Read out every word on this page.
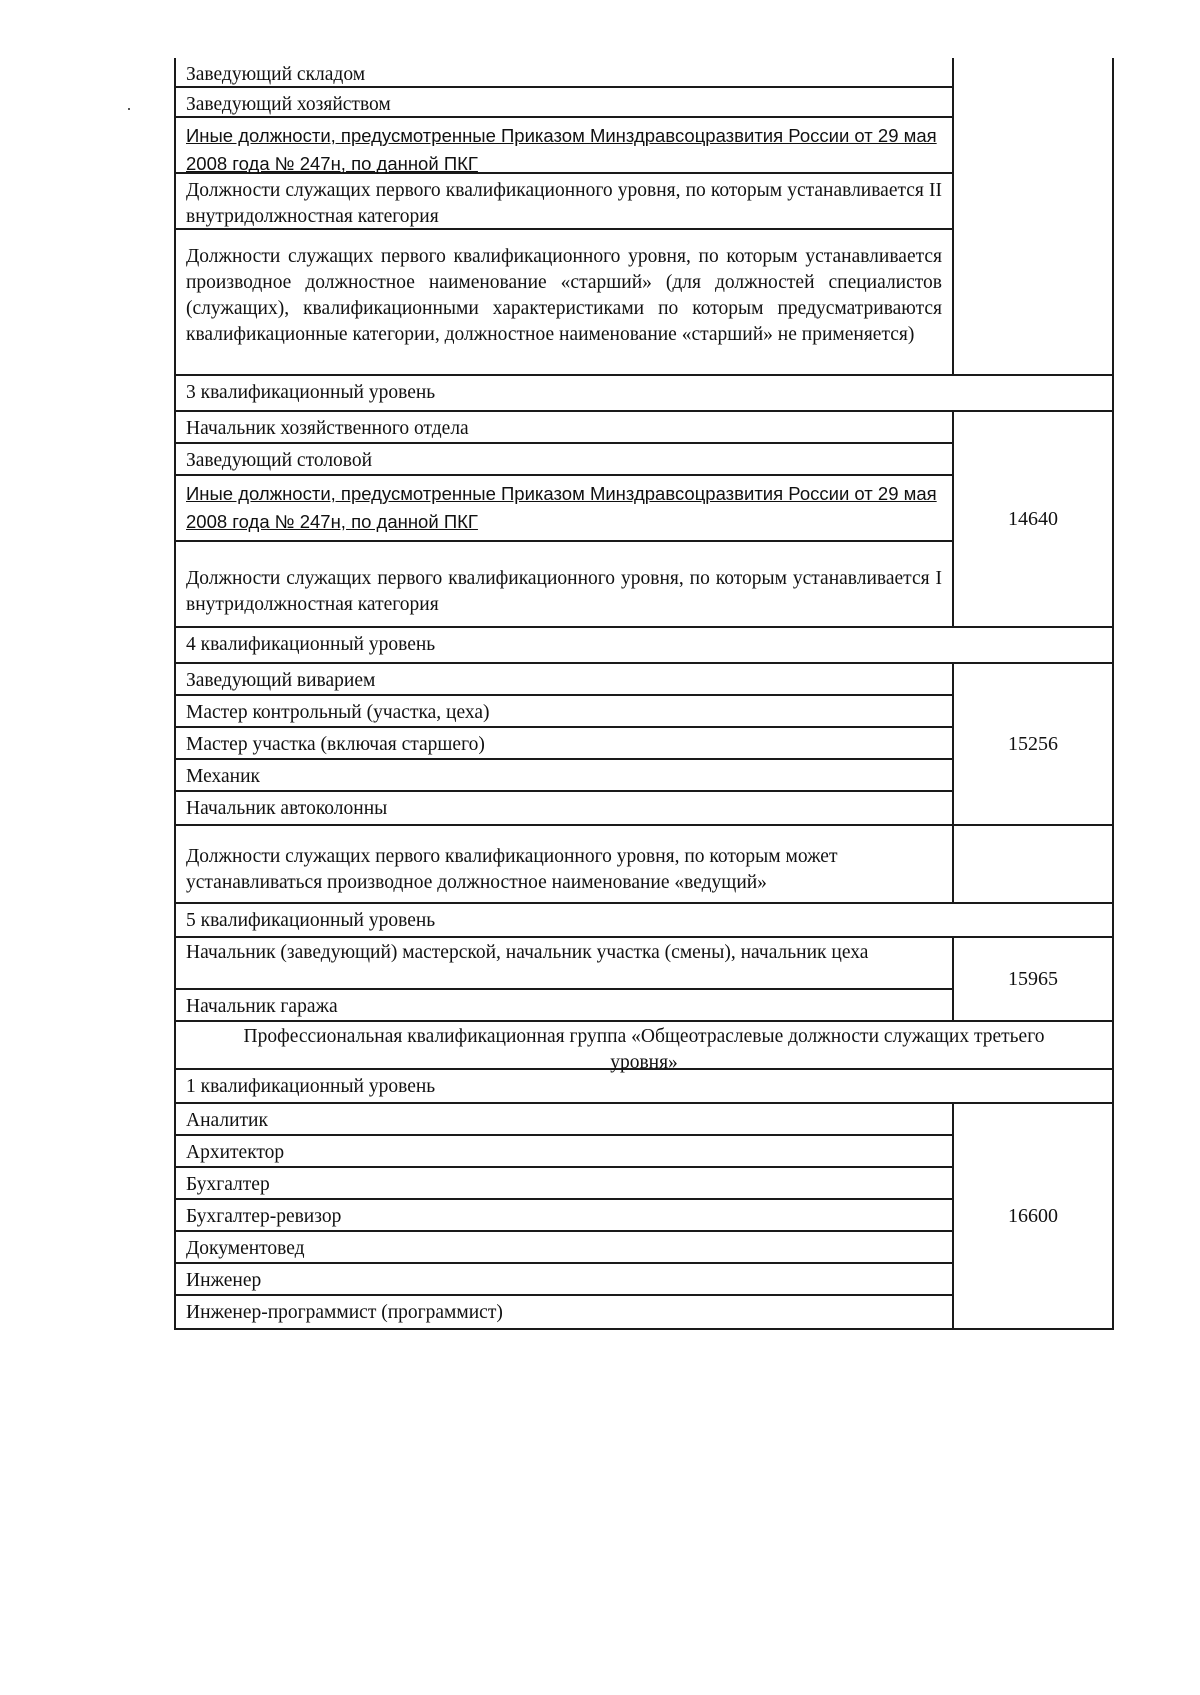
Заведующий складом
Заведующий хозяйством
Иные должности, предусмотренные Приказом Минздравсоцразвития России от 29 мая 2008 года № 247н, по данной ПКГ
Должности служащих первого квалификационного уровня, по которым устанавливается II внутридолжностная категория
Должности служащих первого квалификационного уровня, по которым устанавливается производное должностное наименование «старший» (для должностей специалистов (служащих), квалификационными характеристиками по которым предусматриваются квалификационные категории, должностное наименование «старший» не применяется)
3 квалификационный уровень
Начальник хозяйственного отдела
Заведующий столовой
Иные должности, предусмотренные Приказом Минздравсоцразвития России от 29 мая 2008 года № 247н, по данной ПКГ
Должности служащих первого квалификационного уровня, по которым устанавливается I внутридолжностная категория
14640
4 квалификационный уровень
Заведующий виварием
Мастер контрольный (участка, цеха)
Мастер участка (включая старшего)
Механик
Начальник автоколонны
15256
Должности служащих первого квалификационного уровня, по которым может устанавливаться производное должностное наименование «ведущий»
5 квалификационный уровень
Начальник (заведующий) мастерской, начальник участка (смены), начальник цеха
Начальник гаража
15965
Профессиональная квалификационная группа «Общеотраслевые должности служащих третьего уровня»
1 квалификационный уровень
Аналитик
Архитектор
Бухгалтер
Бухгалтер-ревизор
Документовед
Инженер
Инженер-программист (программист)
16600
